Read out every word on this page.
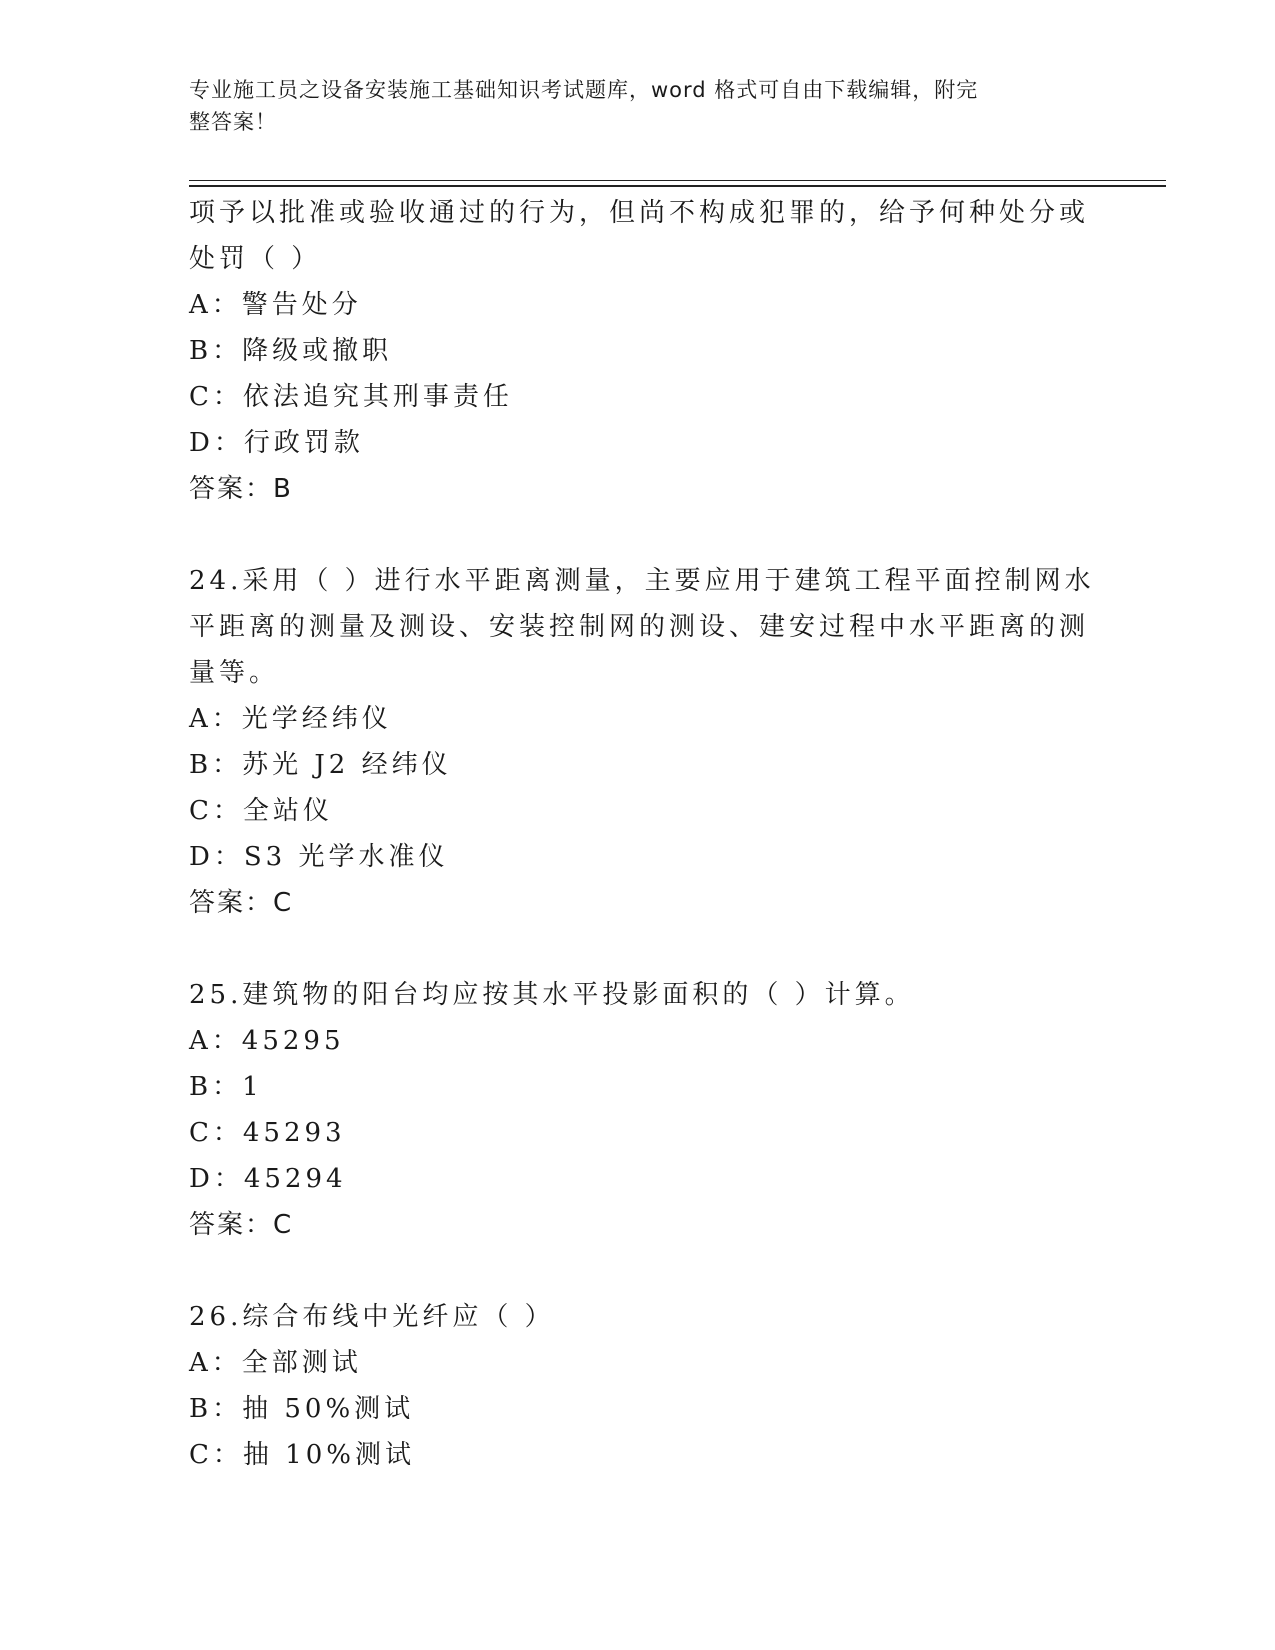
专业施工员之设备安装施工基础知识考试题库，word 格式可自由下载编辑，附完
整答案！
项予以批准或验收通过的行为，但尚不构成犯罪的，给予何种处分或
处罚（ ）
A：警告处分
B：降级或撤职
C：依法追究其刑事责任
D：行政罚款
答案：B
24.采用（ ）进行水平距离测量，主要应用于建筑工程平面控制网水
平距离的测量及测设、安装控制网的测设、建安过程中水平距离的测
量等。
A：光学经纬仪
B：苏光 J2 经纬仪
C：全站仪
D：S3 光学水准仪
答案：C
25.建筑物的阳台均应按其水平投影面积的（ ）计算。
A：45295
B：1
C：45293
D：45294
答案：C
26.综合布线中光纤应（ ）
A：全部测试
B：抽 50%测试
C：抽 10%测试
